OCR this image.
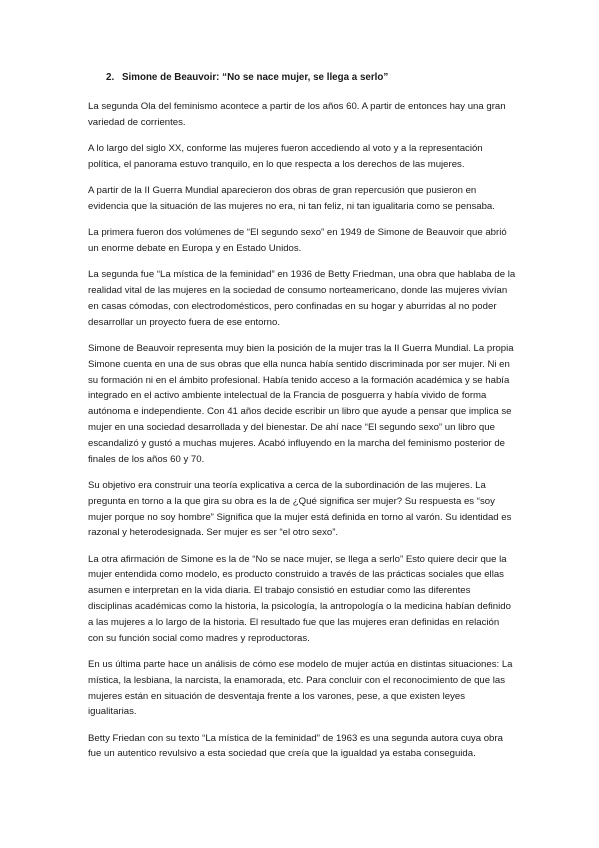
2. Simone de Beauvoir: “No se nace mujer, se llega a serlo”

La segunda Ola del feminismo acontece a partir de los años 60. A partir de entonces hay una gran variedad de corrientes.

A lo largo del siglo XX, conforme las mujeres fueron accediendo al voto y a la representación política, el panorama estuvo tranquilo, en lo que respecta a los derechos de las mujeres.

A partir de la II Guerra Mundial aparecieron dos obras de gran repercusión que pusieron en evidencia que la situación de las mujeres no era, ni tan feliz, ni tan igualitaria como se pensaba.

La primera fueron dos volúmenes de “El segundo sexo” en 1949 de Simone de Beauvoir que abrió un enorme debate en Europa y en Estado Unidos.

La segunda fue “La mística de la feminidad” en 1936 de Betty Friedman, una obra que hablaba de la realidad vital de las mujeres en la sociedad de consumo norteamericano, donde las mujeres vivían en casas cómodas, con electrodomésticos, pero confinadas en su hogar y aburridas al no poder desarrollar un proyecto fuera de ese entorno.

Simone de Beauvoir representa muy bien la posición de la mujer tras la II Guerra Mundial. La propia Simone cuenta en una de sus obras que ella nunca había sentido discriminada por ser mujer. Ni en su formación ni en el ámbito profesional. Había tenido acceso a la formación académica y se había integrado en el activo ambiente intelectual de la Francia de posguerra y había vivido de forma autónoma e independiente. Con 41 años decide escribir un libro que ayude a pensar que implica se mujer en una sociedad desarrollada y del bienestar. De ahí nace “El segundo sexo” un libro que escandalizó y gustó a muchas mujeres. Acabó influyendo en la marcha del feminismo posterior de finales de los años 60 y 70.

Su objetivo era construir una teoría explicativa a cerca de la subordinación de las mujeres. La pregunta en torno a la que gira su obra es la de ¿Qué significa ser mujer? Su respuesta es “soy mujer porque no soy hombre” Significa que la mujer está definida en torno al varón. Su identidad es razonal y heterodesignada. Ser mujer es ser “el otro sexo”.

La otra afirmación de Simone es la de “No se nace mujer, se llega a serlo” Esto quiere decir que la mujer entendida como modelo, es producto construido a través de las prácticas sociales que ellas asumen e interpretan en la vida diaria. El trabajo consistió en estudiar como las diferentes disciplinas académicas como la historia, la psicología, la antropología o la medicina habían definido a las mujeres a lo largo de la historia. El resultado fue que las mujeres eran definidas en relación con su función social como madres y reproductoras.

En us última parte hace un análisis de cómo ese modelo de mujer actúa en distintas situaciones: La mística, la lesbiana, la narcista, la enamorada, etc. Para concluir con el reconocimiento de que las mujeres están en situación de desventaja frente a los varones, pese, a que existen leyes igualitarias.

Betty Friedan con su texto “La mística de la feminidad” de 1963 es una segunda autora cuya obra fue un autentico revulsivo a esta sociedad que creía que la igualdad ya estaba conseguida.
